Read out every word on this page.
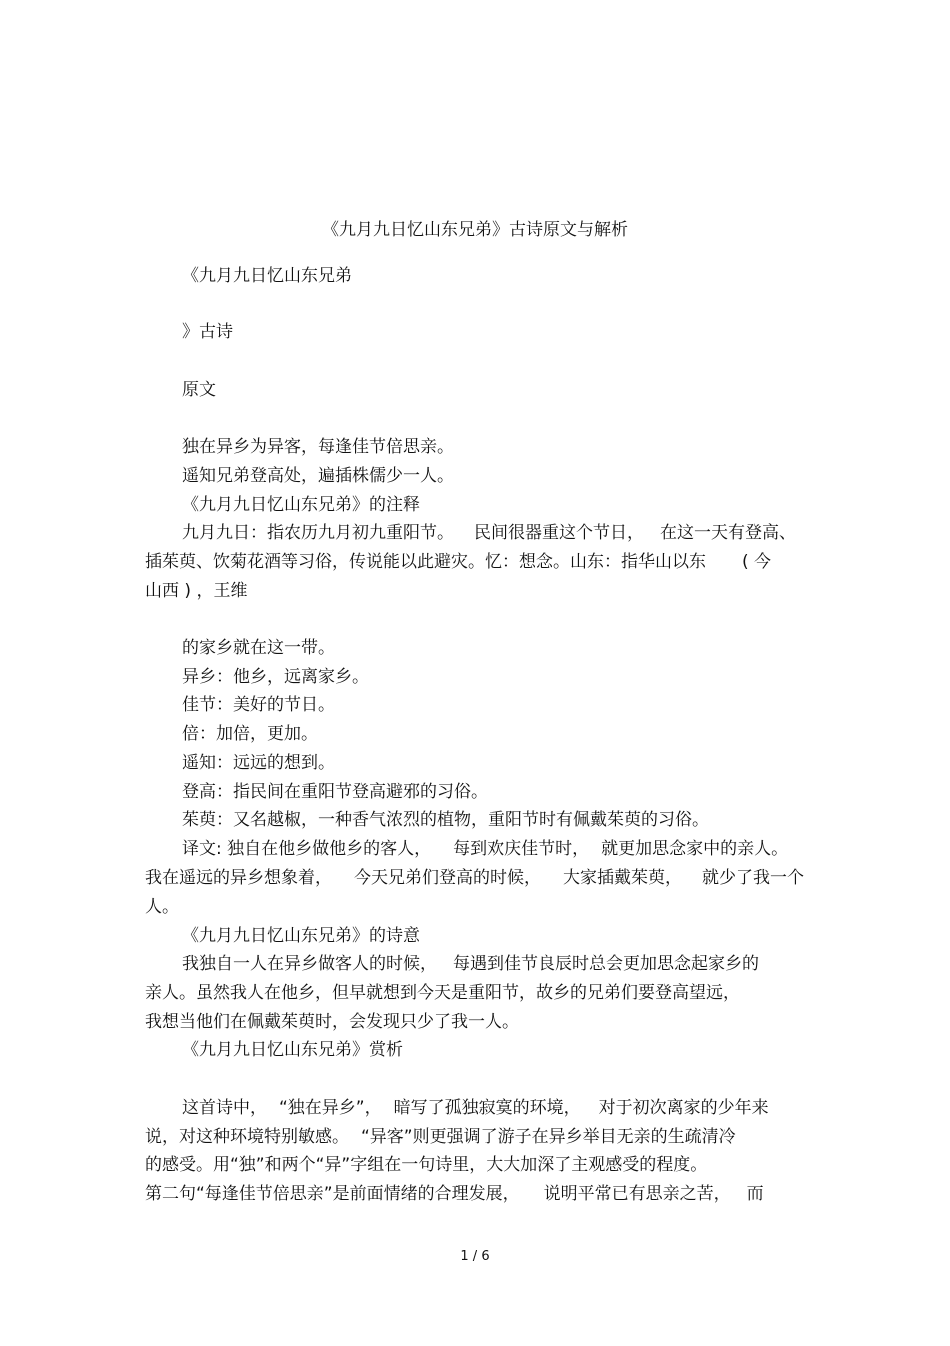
《九月九日忆山东兄弟》古诗原文与解析
《九月九日忆山东兄弟
》古诗
原文
独在异乡为异客，每逢佳节倍思亲。
遥知兄弟登高处，遍插株儒少一人。
《九月九日忆山东兄弟》的注释
九月九日：指农历九月初九重阳节。 民间很器重这个节日， 在这一天有登高、
插茱萸、饮菊花酒等习俗，传说能以此避灾。忆：想念。山东：指华山以东 ( 今
山西 ) ，王维
的家乡就在这一带。
异乡：他乡，远离家乡。
佳节：美好的节日。
倍：加倍，更加。
遥知：远远的想到。
登高：指民间在重阳节登高避邪的习俗。
茱萸：又名越椒，一种香气浓烈的植物，重阳节时有佩戴茱萸的习俗。
译文: 独自在他乡做他乡的客人， 每到欢庆佳节时， 就更加思念家中的亲人。
我在遥远的异乡想象着， 今天兄弟们登高的时候， 大家插戴茱萸， 就少了我一个
人。
《九月九日忆山东兄弟》的诗意
我独自一人在异乡做客人的时候， 每遇到佳节良辰时总会更加思念起家乡的
亲人。虽然我人在他乡，但早就想到今天是重阳节，故乡的兄弟们要登高望远，
我想当他们在佩戴茱萸时，会发现只少了我一人。
《九月九日忆山东兄弟》赏析
这首诗中， “独在异乡”， 暗写了孤独寂寞的环境， 对于初次离家的少年来
说，对这种环境特别敏感。 “异客”则更强调了游子在异乡举目无亲的生疏清冷
的感受。用“独”和两个“异”字组在一句诗里，大大加深了主观感受的程度。
第二句“每逢佳节倍思亲”是前面情绪的合理发展， 说明平常已有思亲之苦， 而
1 / 6
